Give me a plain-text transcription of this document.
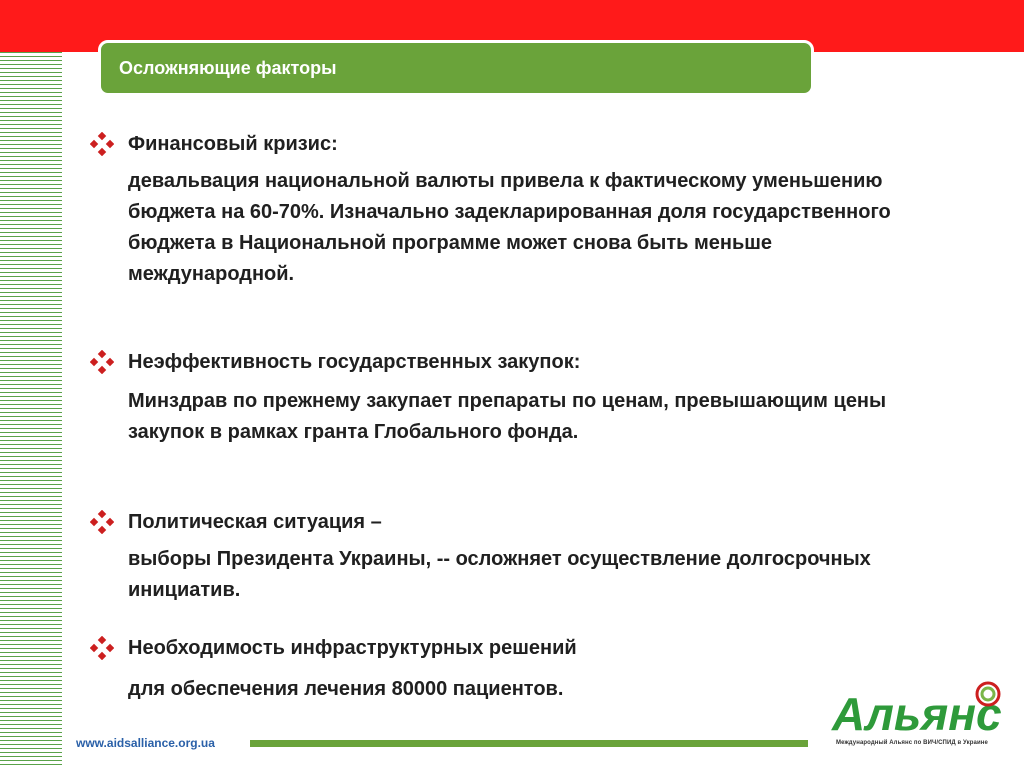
Осложняющие факторы
Финансовый кризис:
девальвация национальной валюты привела к фактическому уменьшению бюджета на 60-70%. Изначально задекларированная доля государственного бюджета в Национальной программе может снова быть меньше международной.
Неэффективность государственных закупок:
Минздрав по прежнему закупает препараты по ценам, превышающим цены закупок в рамках гранта Глобального фонда.
Политическая ситуация –
выборы Президента Украины, -- осложняет осуществление долгосрочных инициатив.
Необходимость инфраструктурных решений
для обеспечения лечения 80000 пациентов.
www.aidsalliance.org.ua
Альянс
Международный Альянс по ВИЧ/СПИД в Украине
